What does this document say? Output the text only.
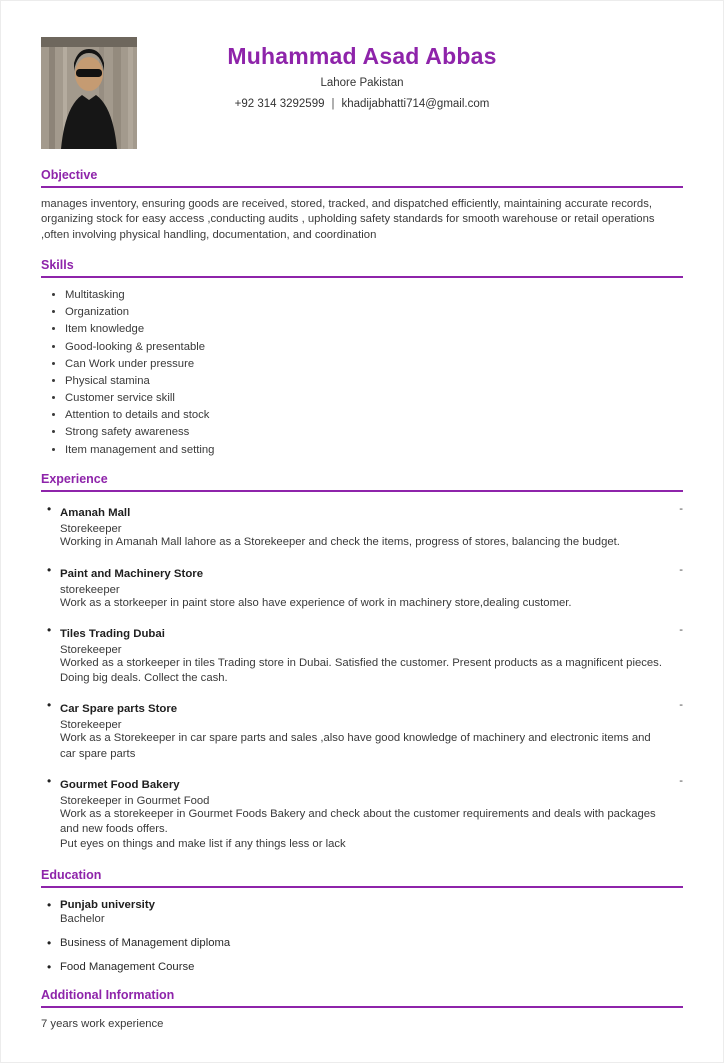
Muhammad Asad Abbas
Lahore Pakistan
+92 314 3292599 | khadijabhatti714@gmail.com
Objective

manages inventory, ensuring goods are received, stored, tracked, and dispatched efficiently, maintaining accurate records, organizing stock for easy access ,conducting audits , upholding safety standards for smooth warehouse or retail operations ,often involving physical handling, documentation, and coordination

Skills
• Multitasking
• Organization
• Item knowledge
• Good-looking & presentable
• Can Work under pressure
• Physical stamina
• Customer service skill
• Attention to details and stock
• Strong safety awareness
• Item management and setting
Experience
• Amanah Mall	-
Storekeeper
Working in Amanah Mall lahore as a Storekeeper and check the items, progress of stores, balancing the budget.
• Paint and Machinery Store	-
storekeeper
Work as a storkeeper in paint store also have experience of work in machinery store,dealing customer.
• Tiles Trading Dubai	-
Storekeeper
Worked as a storkeeper in tiles Trading store in Dubai. Satisfied the customer. Present products as a magnificent pieces. Doing big deals. Collect the cash.
• Car Spare parts Store	-
Storekeeper
Work as a Storekeeper in car spare parts and sales ,also have good knowledge of machinery and electronic items and car spare parts
• Gourmet Food Bakery	-
Storekeeper in Gourmet Food
Work as a storekeeper in Gourmet Foods Bakery and check about the customer requirements and deals with packages and new foods offers.
Put eyes on things and make list if any things less or lack
Education
• Punjab university
Bachelor
• Business of Management diploma
• Food Management Course
Additional Information

7 years work experience
